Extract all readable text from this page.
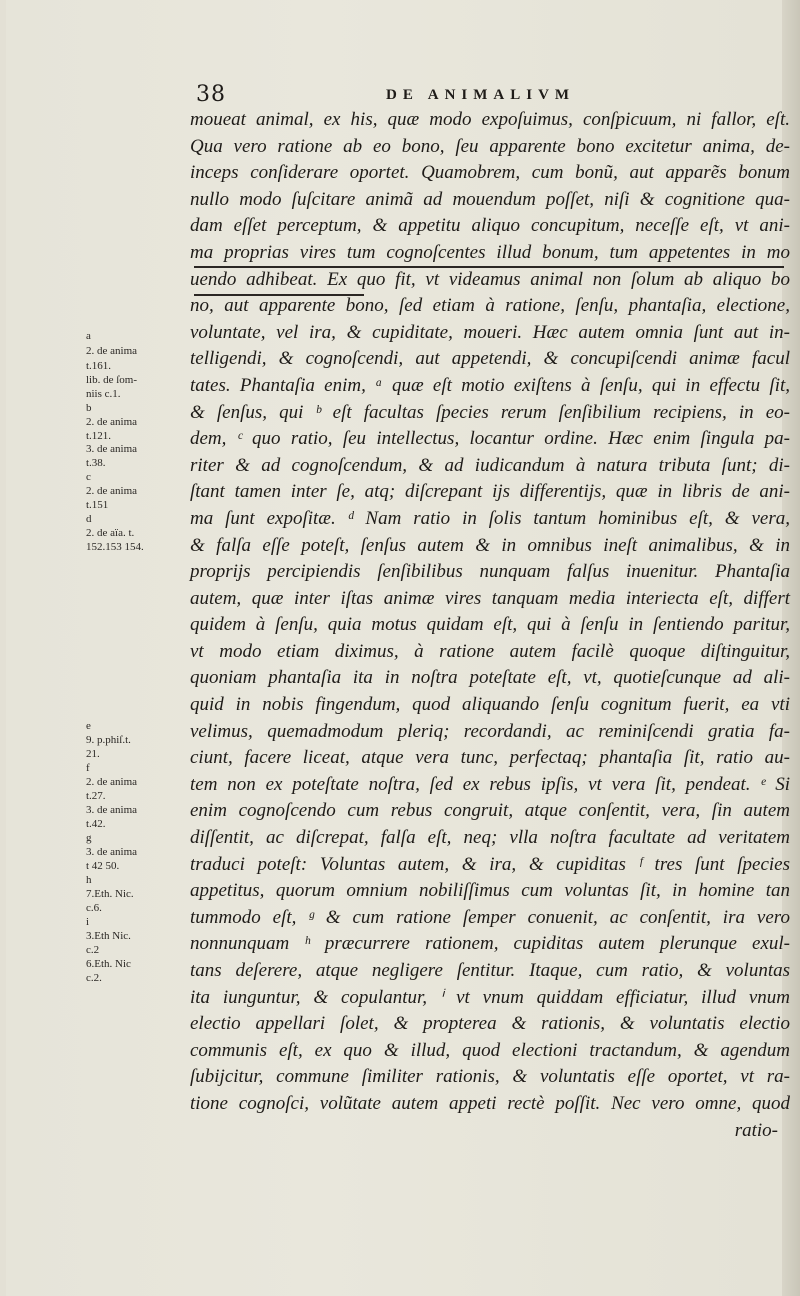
38	DE ANIMALIVM
moueat animal, ex his, quæ modo expoſuimus, conſpicuum, ni fallor, eſt.
Qua vero ratione ab eo bono, ſeu apparente bono excitetur anima, de-
inceps conſiderare oportet. Quamobrem, cum bonũ, aut apparẽs bonum
nullo modo ſuſcitare animã ad mouendum poſſet, niſi & cognitione qua-
dam eſſet perceptum, & appetitu aliquo concupitum, neceſſe eſt, vt ani-
ma proprias vires tum cognoſcentes illud bonum, tum appetentes in mo
uendo adhibeat. Ex quo fit, vt videamus animal non ſolum ab aliquo bo
no, aut apparente bono, ſed etiam à ratione, ſenſu, phantaſia, electione,
voluntate, vel ira, & cupiditate, moueri. Hæc autem omnia ſunt aut in-
telligendi, & cognoſcendi, aut appetendi, & concupiſcendi animæ facul
tates. Phantaſia enim, ᵃ quæ eſt motio exiſtens à ſenſu, qui in effectu ſit,
& ſenſus, qui ᵇ eſt facultas ſpecies rerum ſenſibilium recipiens, in eo-
dem, ᶜ quo ratio, ſeu intellectus, locantur ordine. Hæc enim ſingula pa-
riter & ad cognoſcendum, & ad iudicandum à natura tributa ſunt; di-
ſtant tamen inter ſe, atq; diſcrepant ijs differentijs, quæ in libris de ani-
ma ſunt expoſitæ. ᵈ Nam ratio in ſolis tantum hominibus eſt, & vera,
& falſa eſſe poteſt, ſenſus autem & in omnibus ineſt animalibus, & in
proprijs percipiendis ſenſibilibus nunquam falſus inuenitur. Phantaſia
autem, quæ inter iſtas animæ vires tanquam media interiecta eſt, differt
quidem à ſenſu, quia motus quidam eſt, qui à ſenſu in ſentiendo paritur,
vt modo etiam diximus, à ratione autem facilè quoque diſtinguitur,
quoniam phantaſia ita in noſtra poteſtate eſt, vt, quotieſcunque ad ali-
quid in nobis fingendum, quod aliquando ſenſu cognitum fuerit, ea vti
velimus, quemadmodum pleriq; recordandi, ac reminiſcendi gratia fa-
ciunt, facere liceat, atque vera tunc, perfectaq; phantaſia ſit, ratio au-
tem non ex poteſtate noſtra, ſed ex rebus ipſis, vt vera ſit, pendeat. ᵉ Si
enim cognoſcendo cum rebus congruit, atque conſentit, vera, ſin autem
diſſentit, ac diſcrepat, falſa eſt, neq; vlla noſtra facultate ad veritatem
traduci poteſt: Voluntas autem, & ira, & cupiditas ᶠ tres ſunt ſpecies
appetitus, quorum omnium nobiliſſimus cum voluntas ſit, in homine tan
tummodo eſt, ᵍ & cum ratione ſemper conuenit, ac conſentit, ira vero
nonnunquam ʰ præcurrere rationem, cupiditas autem plerunque exul-
tans deſerere, atque negligere ſentitur. Itaque, cum ratio, & voluntas
ita iunguntur, & copulantur, ⁱ vt vnum quiddam efficiatur, illud vnum
electio appellari ſolet, & propterea & rationis, & voluntatis electio
communis eſt, ex quo & illud, quod electioni tractandum, & agendum
ſubijcitur, commune ſimiliter rationis, & voluntatis eſſe oportet, vt ra-
tione cognoſci, volũtate autem appeti rectè poſſit. Nec vero omne, quod
ratio-
a
2. de anima
t.161.
lib. de ſom-
niis c.1.
b
2. de anima
t.121.
3. de anima
t.38.
c
2. de anima
t.151
d
2. de aïa. t.
152.153 154.
e
9. p.phiſ.t.
21.
f
2. de anima
t.27.
3. de anima
t.42.
g
3. de anima
t 42 50.
h
7.Eth. Nic.
c.6.
i
3.Eth Nic.
c.2
6.Eth. Nic
c.2.
